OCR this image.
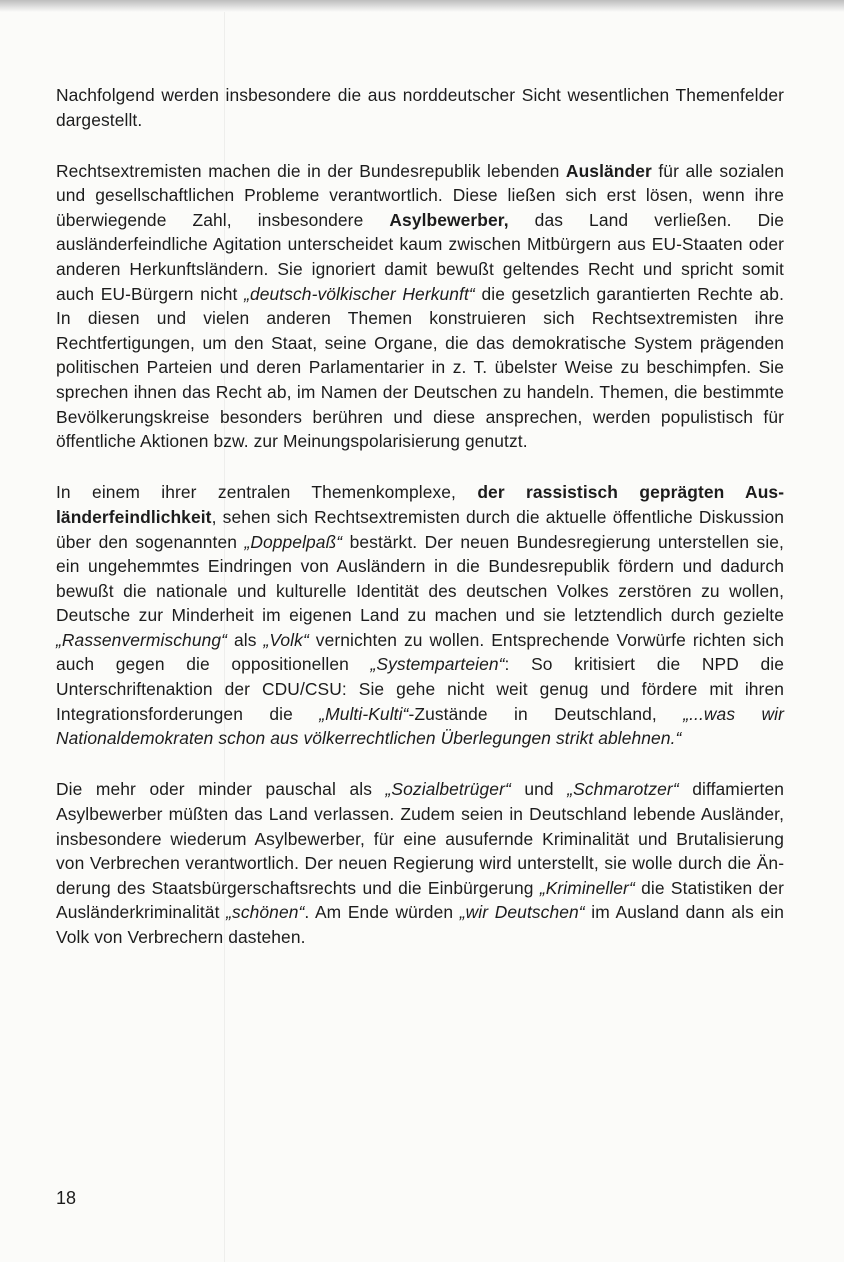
Nachfolgend werden insbesondere die aus norddeutscher Sicht wesentlichen Themenfelder dargestellt.

Rechtsextremisten machen die in der Bundesrepublik lebenden Ausländer für alle sozialen und gesellschaftlichen Probleme verantwortlich. Diese ließen sich erst lösen, wenn ihre überwiegende Zahl, insbesondere Asylbewerber, das Land verließen. Die ausländerfeindliche Agitation unterscheidet kaum zwischen Mitbürgern aus EU-Staaten oder anderen Herkunftsländern. Sie ignoriert damit bewußt geltendes Recht und spricht somit auch EU-Bürgern nicht „deutsch-völkischer Herkunft“ die gesetzlich garantierten Rechte ab. In diesen und vielen anderen Themen konstruieren sich Rechtsextremisten ihre Rechtfertigungen, um den Staat, seine Organe, die das demokratische System prägenden politischen Parteien und deren Parlamentarier in z. T. übelster Weise zu beschimpfen. Sie sprechen ihnen das Recht ab, im Namen der Deutschen zu handeln. Themen, die bestimmte Bevölkerungskreise besonders berühren und diese ansprechen, werden populistisch für öffentliche Aktionen bzw. zur Meinungspolarisierung genutzt.

In einem ihrer zentralen Themenkomplexe, der rassistisch geprägten Ausländerfeindlichkeit, sehen sich Rechtsextremisten durch die aktuelle öffentliche Diskussion über den sogenannten „Doppelpaß“ bestärkt. Der neuen Bundesregierung unterstellen sie, ein ungehemmtes Eindringen von Ausländern in die Bundesrepublik fördern und dadurch bewußt die nationale und kulturelle Identität des deutschen Volkes zerstören zu wollen, Deutsche zur Minderheit im eigenen Land zu machen und sie letztendlich durch gezielte „Rassenvermischung“ als „Volk“ vernichten zu wollen. Entsprechende Vorwürfe richten sich auch gegen die oppositionellen „Systemparteien“: So kritisiert die NPD die Unterschriftenaktion der CDU/CSU: Sie gehe nicht weit genug und fördere mit ihren Integrationsforderungen die „Multi-Kulti“-Zustände in Deutschland, „...was wir Nationaldemokraten schon aus völkerrechtlichen Überlegungen strikt ablehnen.“

Die mehr oder minder pauschal als „Sozialbetrüger“ und „Schmarotzer“ diffamierten Asylbewerber müßten das Land verlassen. Zudem seien in Deutschland lebende Ausländer, insbesondere wiederum Asylbewerber, für eine ausufernde Kriminalität und Brutalisierung von Verbrechen verantwortlich. Der neuen Regierung wird unterstellt, sie wolle durch die Änderung des Staatsbürgerschaftsrechts und die Einbürgerung „Krimineller“ die Statistiken der Ausländerkriminalität „schönen“. Am Ende würden „wir Deutschen“ im Ausland dann als ein Volk von Verbrechern dastehen.

18
